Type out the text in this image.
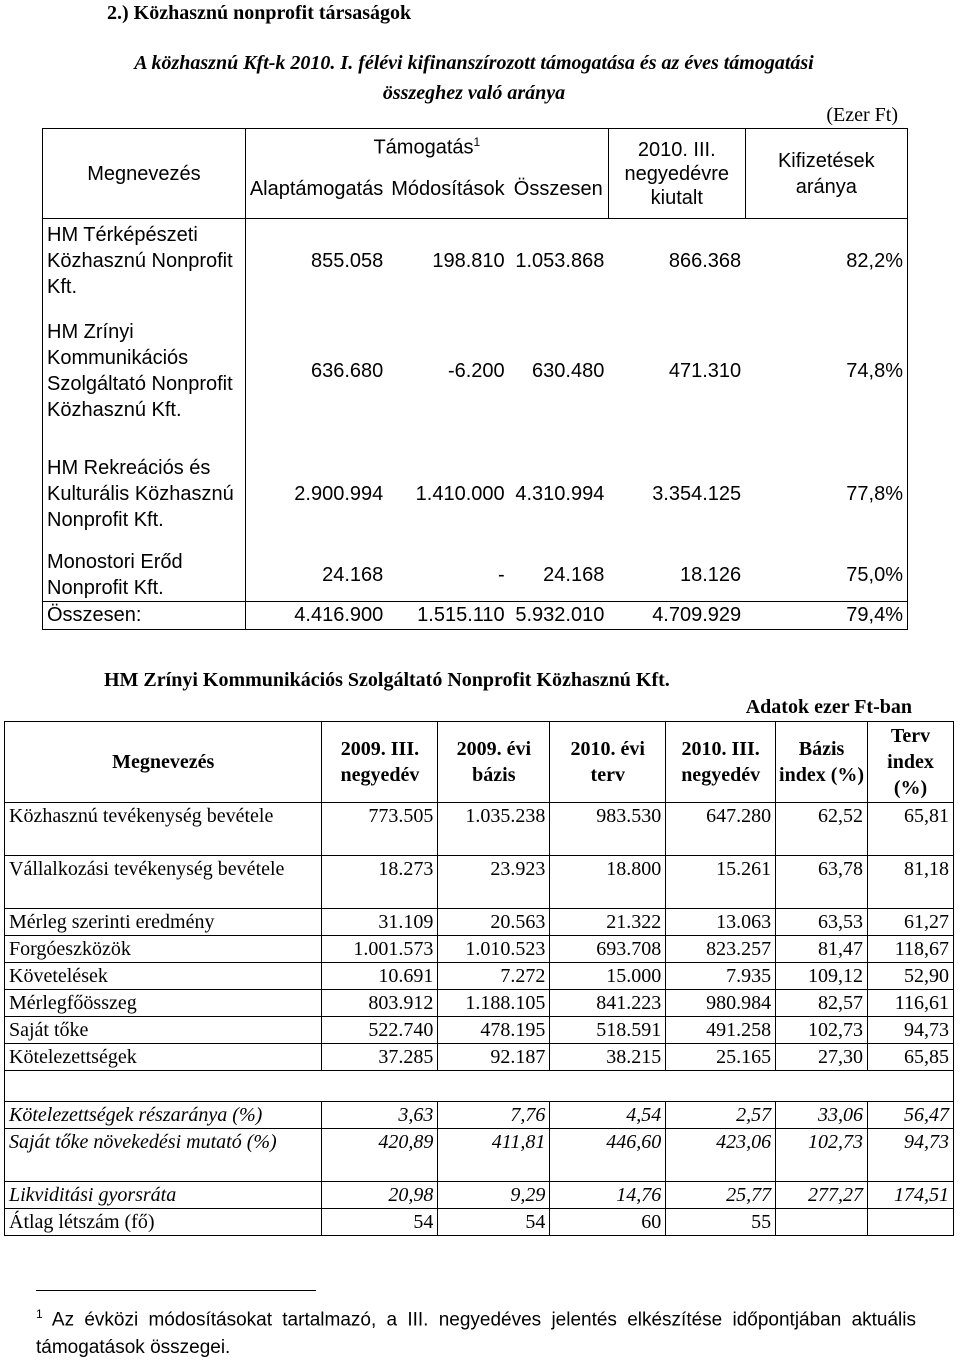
2.) Közhasznú nonprofit társaságok
A közhasznú Kft-k 2010. I. félévi kifinanszírozott támogatása és az éves támogatási
összeghez való aránya
(Ezer Ft)
Megnevezés	Támogatás$^1$			2010. III. negyedévre kiutalt	Kifizetések aránya
	Alaptámogatás	Módosítások	Összesen		
HM Térképészeti Közhasznú Nonprofit Kft.	855.058	198.810	1.053.868	866.368	82,2%
HM Zrínyi Kommunikációs Szolgáltató Nonprofit Közhasznú Kft.	636.680	-6.200	630.480	471.310	74,8%
HM Rekreációs és Kulturális Közhasznú Nonprofit Kft.	2.900.994	1.410.000	4.310.994	3.354.125	77,8%
Monostori Erőd Nonprofit Kft.	24.168	-	24.168	18.126	75,0%
Összesen:	4.416.900	1.515.110	5.932.010	4.709.929	79,4%
HM Zrínyi Kommunikációs Szolgáltató Nonprofit Közhasznú Kft.
Adatok ezer Ft-ban
Megnevezés	2009. III. negyedév	2009. évi bázis	2010. évi terv	2010. III. negyedév	Bázis index (%)	Terv index (%)
Közhasznú tevékenység bevétele	773.505	1.035.238	983.530	647.280	62,52	65,81
Vállalkozási tevékenység bevétele	18.273	23.923	18.800	15.261	63,78	81,18
Mérleg szerinti eredmény	31.109	20.563	21.322	13.063	63,53	61,27
Forgóeszközök	1.001.573	1.010.523	693.708	823.257	81,47	118,67
Követelések	10.691	7.272	15.000	7.935	109,12	52,90
Mérlegfőösszeg	803.912	1.188.105	841.223	980.984	82,57	116,61
Saját tőke	522.740	478.195	518.591	491.258	102,73	94,73
Kötelezettségek	37.285	92.187	38.215	25.165	27,30	65,85

Kötelezettségek részaránya (%)	3,63	7,76	4,54	2,57	33,06	56,47
Saját tőke növekedési mutató (%)	420,89	411,81	446,60	423,06	102,73	94,73
Likviditási gyorsráta	20,98	9,29	14,76	25,77	277,27	174,51
Átlag létszám (fő)	54	54	60	55		
$^1$ Az évközi módosításokat tartalmazó, a III. negyedéves jelentés elkészítése időpontjában aktuális támogatások összegei.
